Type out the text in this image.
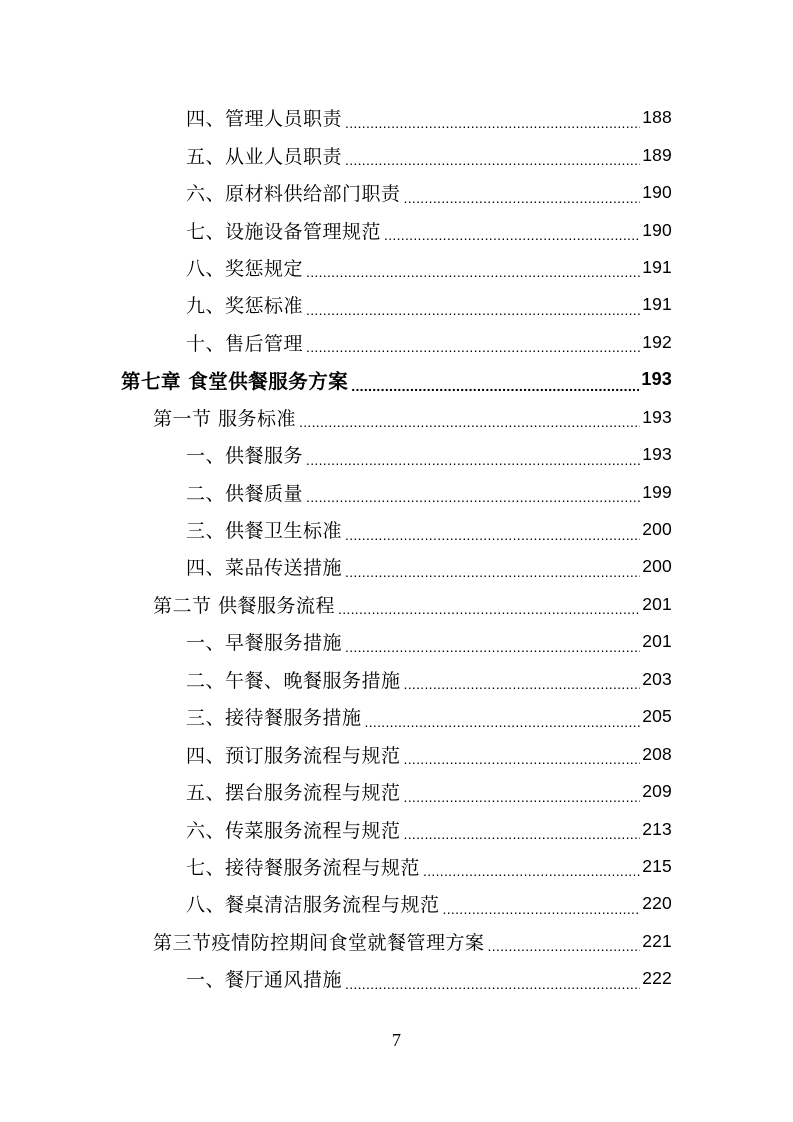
四、管理人员职责 .....	188
五、从业人员职责 .....	189
六、原材料供给部门职责 .....	190
七、设施设备管理规范 .....	190
八、奖惩规定 .....	191
九、奖惩标准 .....	191
十、售后管理 .....	192
第七章 食堂供餐服务方案 .....	193
第一节 服务标准 .....	193
一、供餐服务 .....	193
二、供餐质量 .....	199
三、供餐卫生标准 .....	200
四、菜品传送措施 .....	200
第二节 供餐服务流程 .....	201
一、早餐服务措施 .....	201
二、午餐、晚餐服务措施 .....	203
三、接待餐服务措施 .....	205
四、预订服务流程与规范 .....	208
五、摆台服务流程与规范 .....	209
六、传菜服务流程与规范 .....	213
七、接待餐服务流程与规范 .....	215
八、餐桌清洁服务流程与规范 .....	220
第三节疫情防控期间食堂就餐管理方案 .....	221
一、餐厅通风措施 .....	222
7
